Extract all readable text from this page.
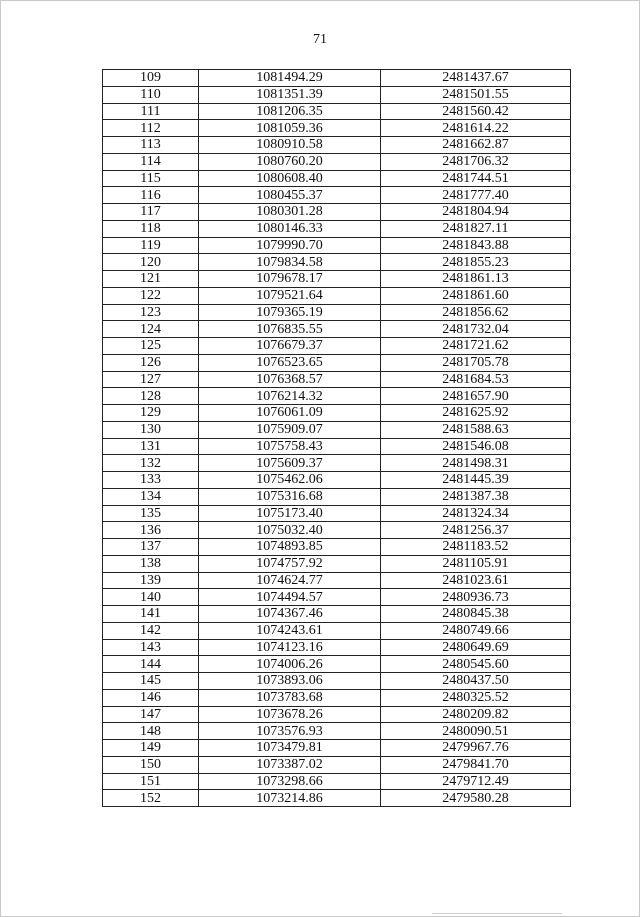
71
109	1081494.29	2481437.67
110	1081351.39	2481501.55
111	1081206.35	2481560.42
112	1081059.36	2481614.22
113	1080910.58	2481662.87
114	1080760.20	2481706.32
115	1080608.40	2481744.51
116	1080455.37	2481777.40
117	1080301.28	2481804.94
118	1080146.33	2481827.11
119	1079990.70	2481843.88
120	1079834.58	2481855.23
121	1079678.17	2481861.13
122	1079521.64	2481861.60
123	1079365.19	2481856.62
124	1076835.55	2481732.04
125	1076679.37	2481721.62
126	1076523.65	2481705.78
127	1076368.57	2481684.53
128	1076214.32	2481657.90
129	1076061.09	2481625.92
130	1075909.07	2481588.63
131	1075758.43	2481546.08
132	1075609.37	2481498.31
133	1075462.06	2481445.39
134	1075316.68	2481387.38
135	1075173.40	2481324.34
136	1075032.40	2481256.37
137	1074893.85	2481183.52
138	1074757.92	2481105.91
139	1074624.77	2481023.61
140	1074494.57	2480936.73
141	1074367.46	2480845.38
142	1074243.61	2480749.66
143	1074123.16	2480649.69
144	1074006.26	2480545.60
145	1073893.06	2480437.50
146	1073783.68	2480325.52
147	1073678.26	2480209.82
148	1073576.93	2480090.51
149	1073479.81	2479967.76
150	1073387.02	2479841.70
151	1073298.66	2479712.49
152	1073214.86	2479580.28
